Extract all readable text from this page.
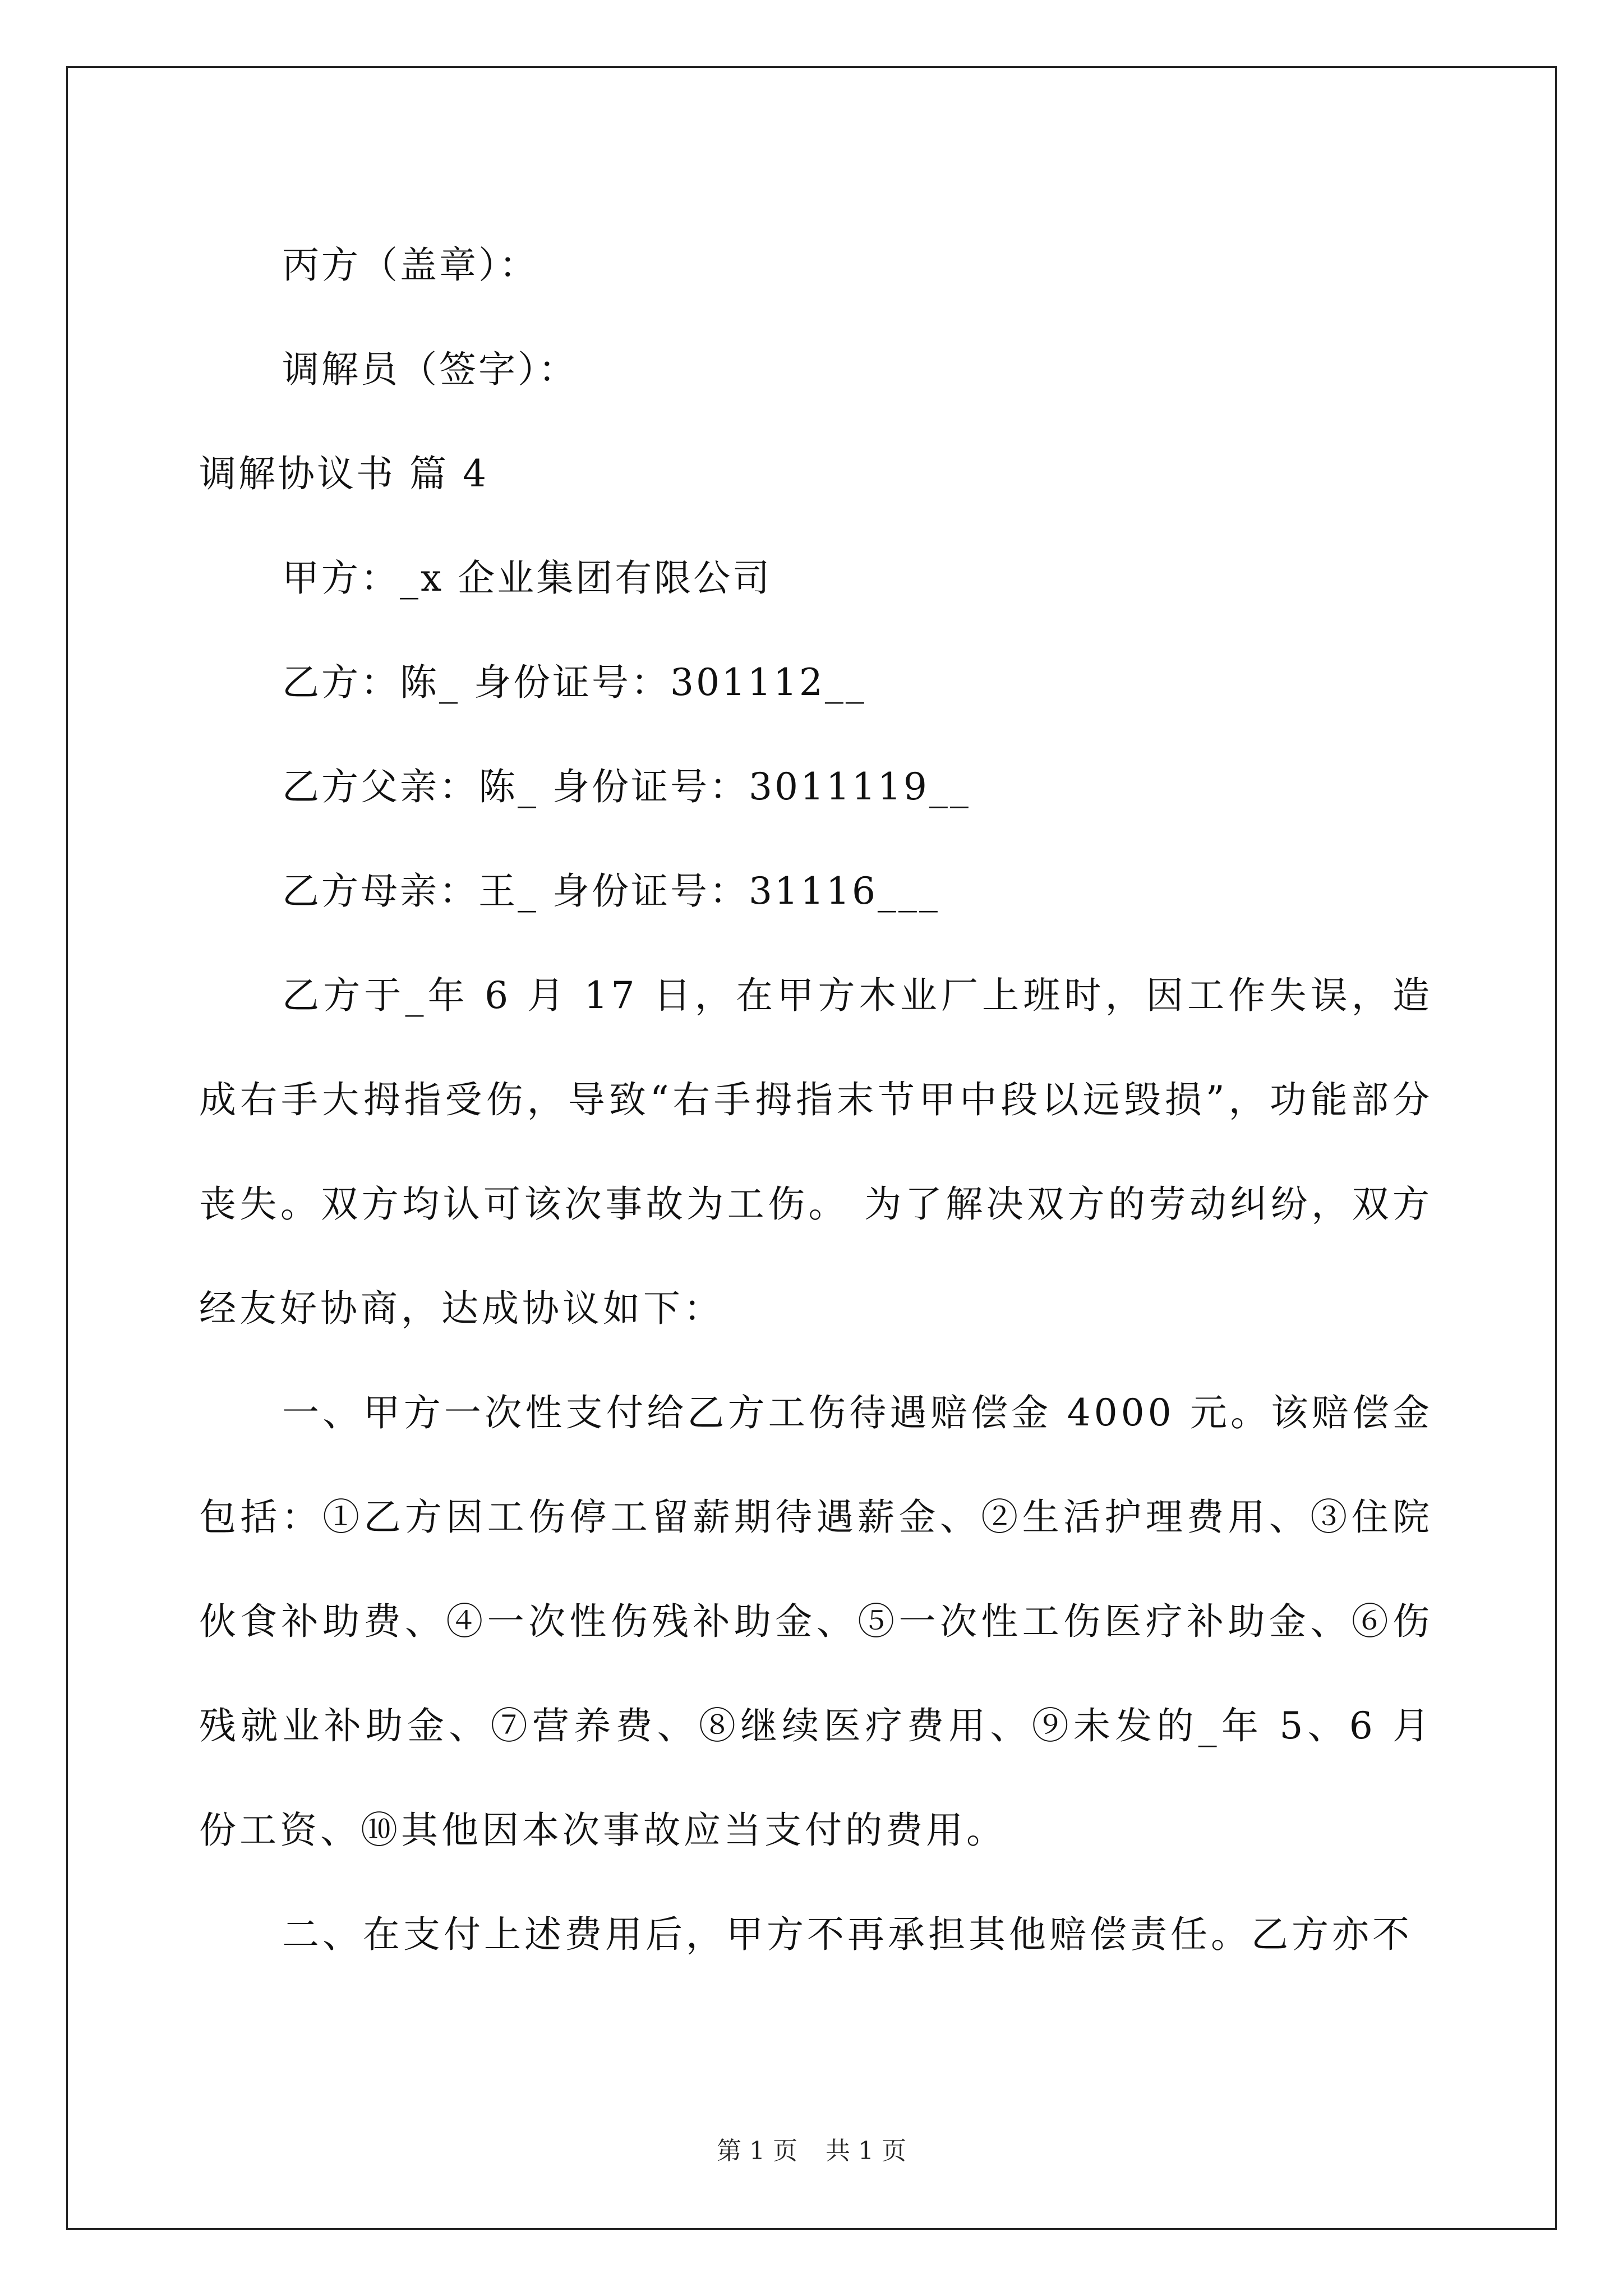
丙方（盖章）：
调解员（签字）：
调解协议书 篇 4
甲方：_x 企业集团有限公司
乙方：陈_ 身份证号：301112__
乙方父亲：陈_ 身份证号：3011119__
乙方母亲：王_ 身份证号：31116___
乙方于_年 6 月 17 日，在甲方木业厂上班时，因工作失误，造成右手大拇指受伤，导致“右手拇指末节甲中段以远毁损”，功能部分丧失。双方均认可该次事故为工伤。 为了解决双方的劳动纠纷，双方经友好协商，达成协议如下：
一、甲方一次性支付给乙方工伤待遇赔偿金 4000 元。该赔偿金包括：①乙方因工伤停工留薪期待遇薪金、②生活护理费用、③住院伙食补助费、④一次性伤残补助金、⑤一次性工伤医疗补助金、⑥伤残就业补助金、⑦营养费、⑧继续医疗费用、⑨未发的_年 5、6 月份工资、⑩其他因本次事故应当支付的费用。
二、在支付上述费用后，甲方不再承担其他赔偿责任。乙方亦不
第 1 页 共 1 页
